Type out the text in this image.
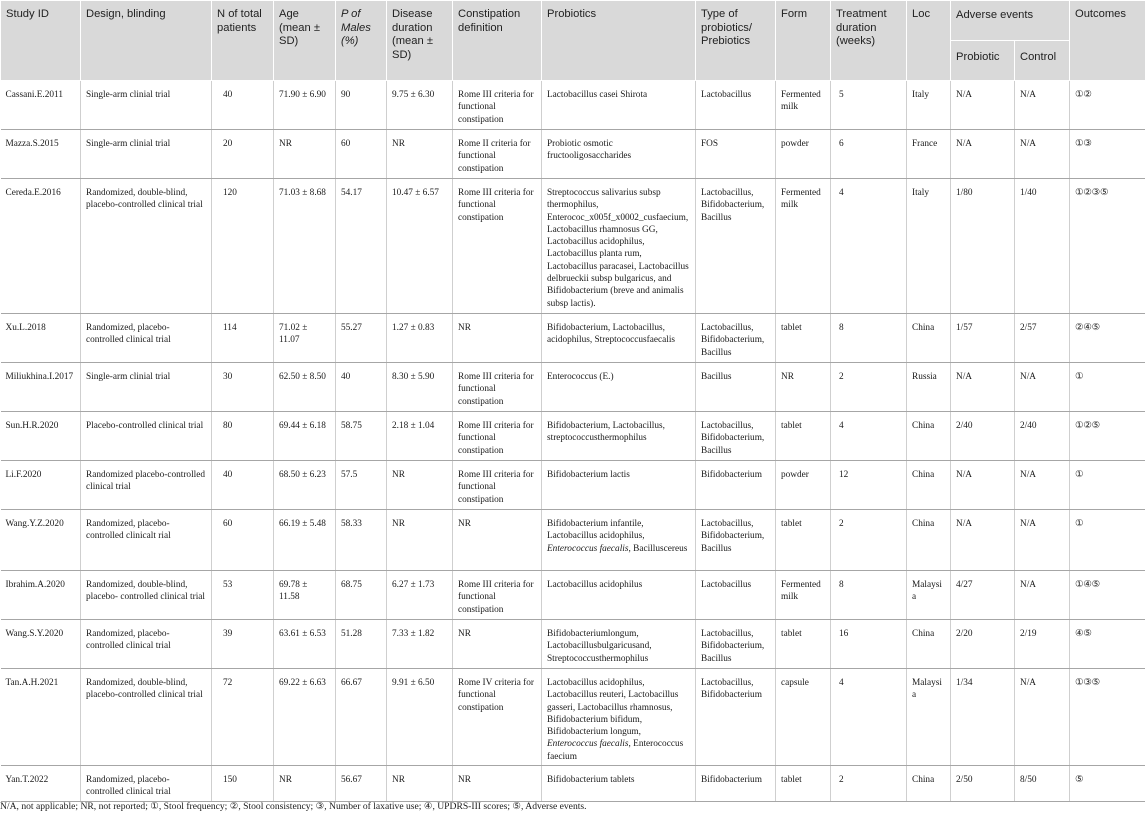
Study ID	Design, blinding	N of total patients	Age (mean ± SD)	P of Males (%)	Disease duration (mean ± SD)	Constipation definition	Probiotics	Type of probiotics/ Prebiotics	Form	Treatment duration (weeks)	Loc	Adverse events		Outcomes
												Probiotic	Control	
Cassani.E.2011	Single-arm clinial trial	40	71.90 ± 6.90	90	9.75 ± 6.30	Rome III criteria for functional constipation	Lactobacillus casei Shirota	Lactobacillus	Fermented milk	5	Italy	N/A	N/A	①②
Mazza.S.2015	Single-arm clinial trial	20	NR	60	NR	Rome II criteria for functional constipation	Probiotic osmotic fructooligosaccharides	FOS	powder	6	France	N/A	N/A	①③
Cereda.E.2016	Randomized, double-blind, placebo-controlled clinical trial	120	71.03 ± 8.68	54.17	10.47 ± 6.57	Rome III criteria for functional constipation	Streptococcus salivarius subsp thermophilus, Enterococ_x005f_x0002_cusfaecium, Lactobacillus rhamnosus GG, Lactobacillus acidophilus, Lactobacillus planta rum, Lactobacillus paracasei, Lactobacillus delbrueckii subsp bulgaricus, and Bifidobacterium (breve and animalis subsp lactis).	Lactobacillus, Bifidobacterium, Bacillus	Fermented milk	4	Italy	1/80	1/40	①②③⑤
Xu.L.2018	Randomized, placebo-controlled clinical trial	114	71.02 ± 11.07	55.27	1.27 ± 0.83	NR	Bifidobacterium, Lactobacillus, acidophilus, Streptococcusfaecalis	Lactobacillus, Bifidobacterium, Bacillus	tablet	8	China	1/57	2/57	②④⑤
Miliukhina.I.2017	Single-arm clinial trial	30	62.50 ± 8.50	40	8.30 ± 5.90	Rome III criteria for functional constipation	Enterococcus (E.)	Bacillus	NR	2	Russia	N/A	N/A	①
Sun.H.R.2020	Placebo-controlled clinical trial	80	69.44 ± 6.18	58.75	2.18 ± 1.04	Rome III criteria for functional constipation	Bifidobacterium, Lactobacillus, streptococcusthermophilus	Lactobacillus, Bifidobacterium, Bacillus	tablet	4	China	2/40	2/40	①②⑤
Li.F.2020	Randomized placebo-controlled clinical trial	40	68.50 ± 6.23	57.5	NR	Rome III criteria for functional constipation	Bifidobacterium lactis	Bifidobacterium	powder	12	China	N/A	N/A	①
Wang.Y.Z.2020	Randomized, placebo-controlled clinicalt rial	60	66.19 ± 5.48	58.33	NR	NR	Bifidobacterium infantile, Lactobacillus acidophilus, Enterococcus faecalis, Bacilluscereus	Lactobacillus, Bifidobacterium, Bacillus	tablet	2	China	N/A	N/A	①
Ibrahim.A.2020	Randomized, double-blind, placebo- controlled clinical trial	53	69.78 ± 11.58	68.75	6.27 ± 1.73	Rome III criteria for functional constipation	Lactobacillus acidophilus	Lactobacillus	Fermented milk	8	Malaysia	4/27	N/A	①④⑤
Wang.S.Y.2020	Randomized, placebo-controlled clinical trial	39	63.61 ± 6.53	51.28	7.33 ± 1.82	NR	Bifidobacteriumlongum, Lactobacillusbulgaricusand, Streptococcusthermophilus	Lactobacillus, Bifidobacterium, Bacillus	tablet	16	China	2/20	2/19	④⑤
Tan.A.H.2021	Randomized, double-blind, placebo-controlled clinical trial	72	69.22 ± 6.63	66.67	9.91 ± 6.50	Rome IV criteria for functional constipation	Lactobacillus acidophilus, Lactobacillus reuteri, Lactobacillus gasseri, Lactobacillus rhamnosus, Bifidobacterium bifidum, Bifidobacterium longum, Enterococcus faecalis, Enterococcus faecium	Lactobacillus, Bifidobacterium	capsule	4	Malaysia	1/34	N/A	①③⑤
Yan.T.2022	Randomized, placebo-controlled clinical trial	150	NR	56.67	NR	NR	Bifidobacterium tablets	Bifidobacterium	tablet	2	China	2/50	8/50	⑤
N/A, not applicable; NR, not reported; ①, Stool frequency; ②, Stool consistency; ③, Number of laxative use; ④, UPDRS-III scores; ⑤, Adverse events.
